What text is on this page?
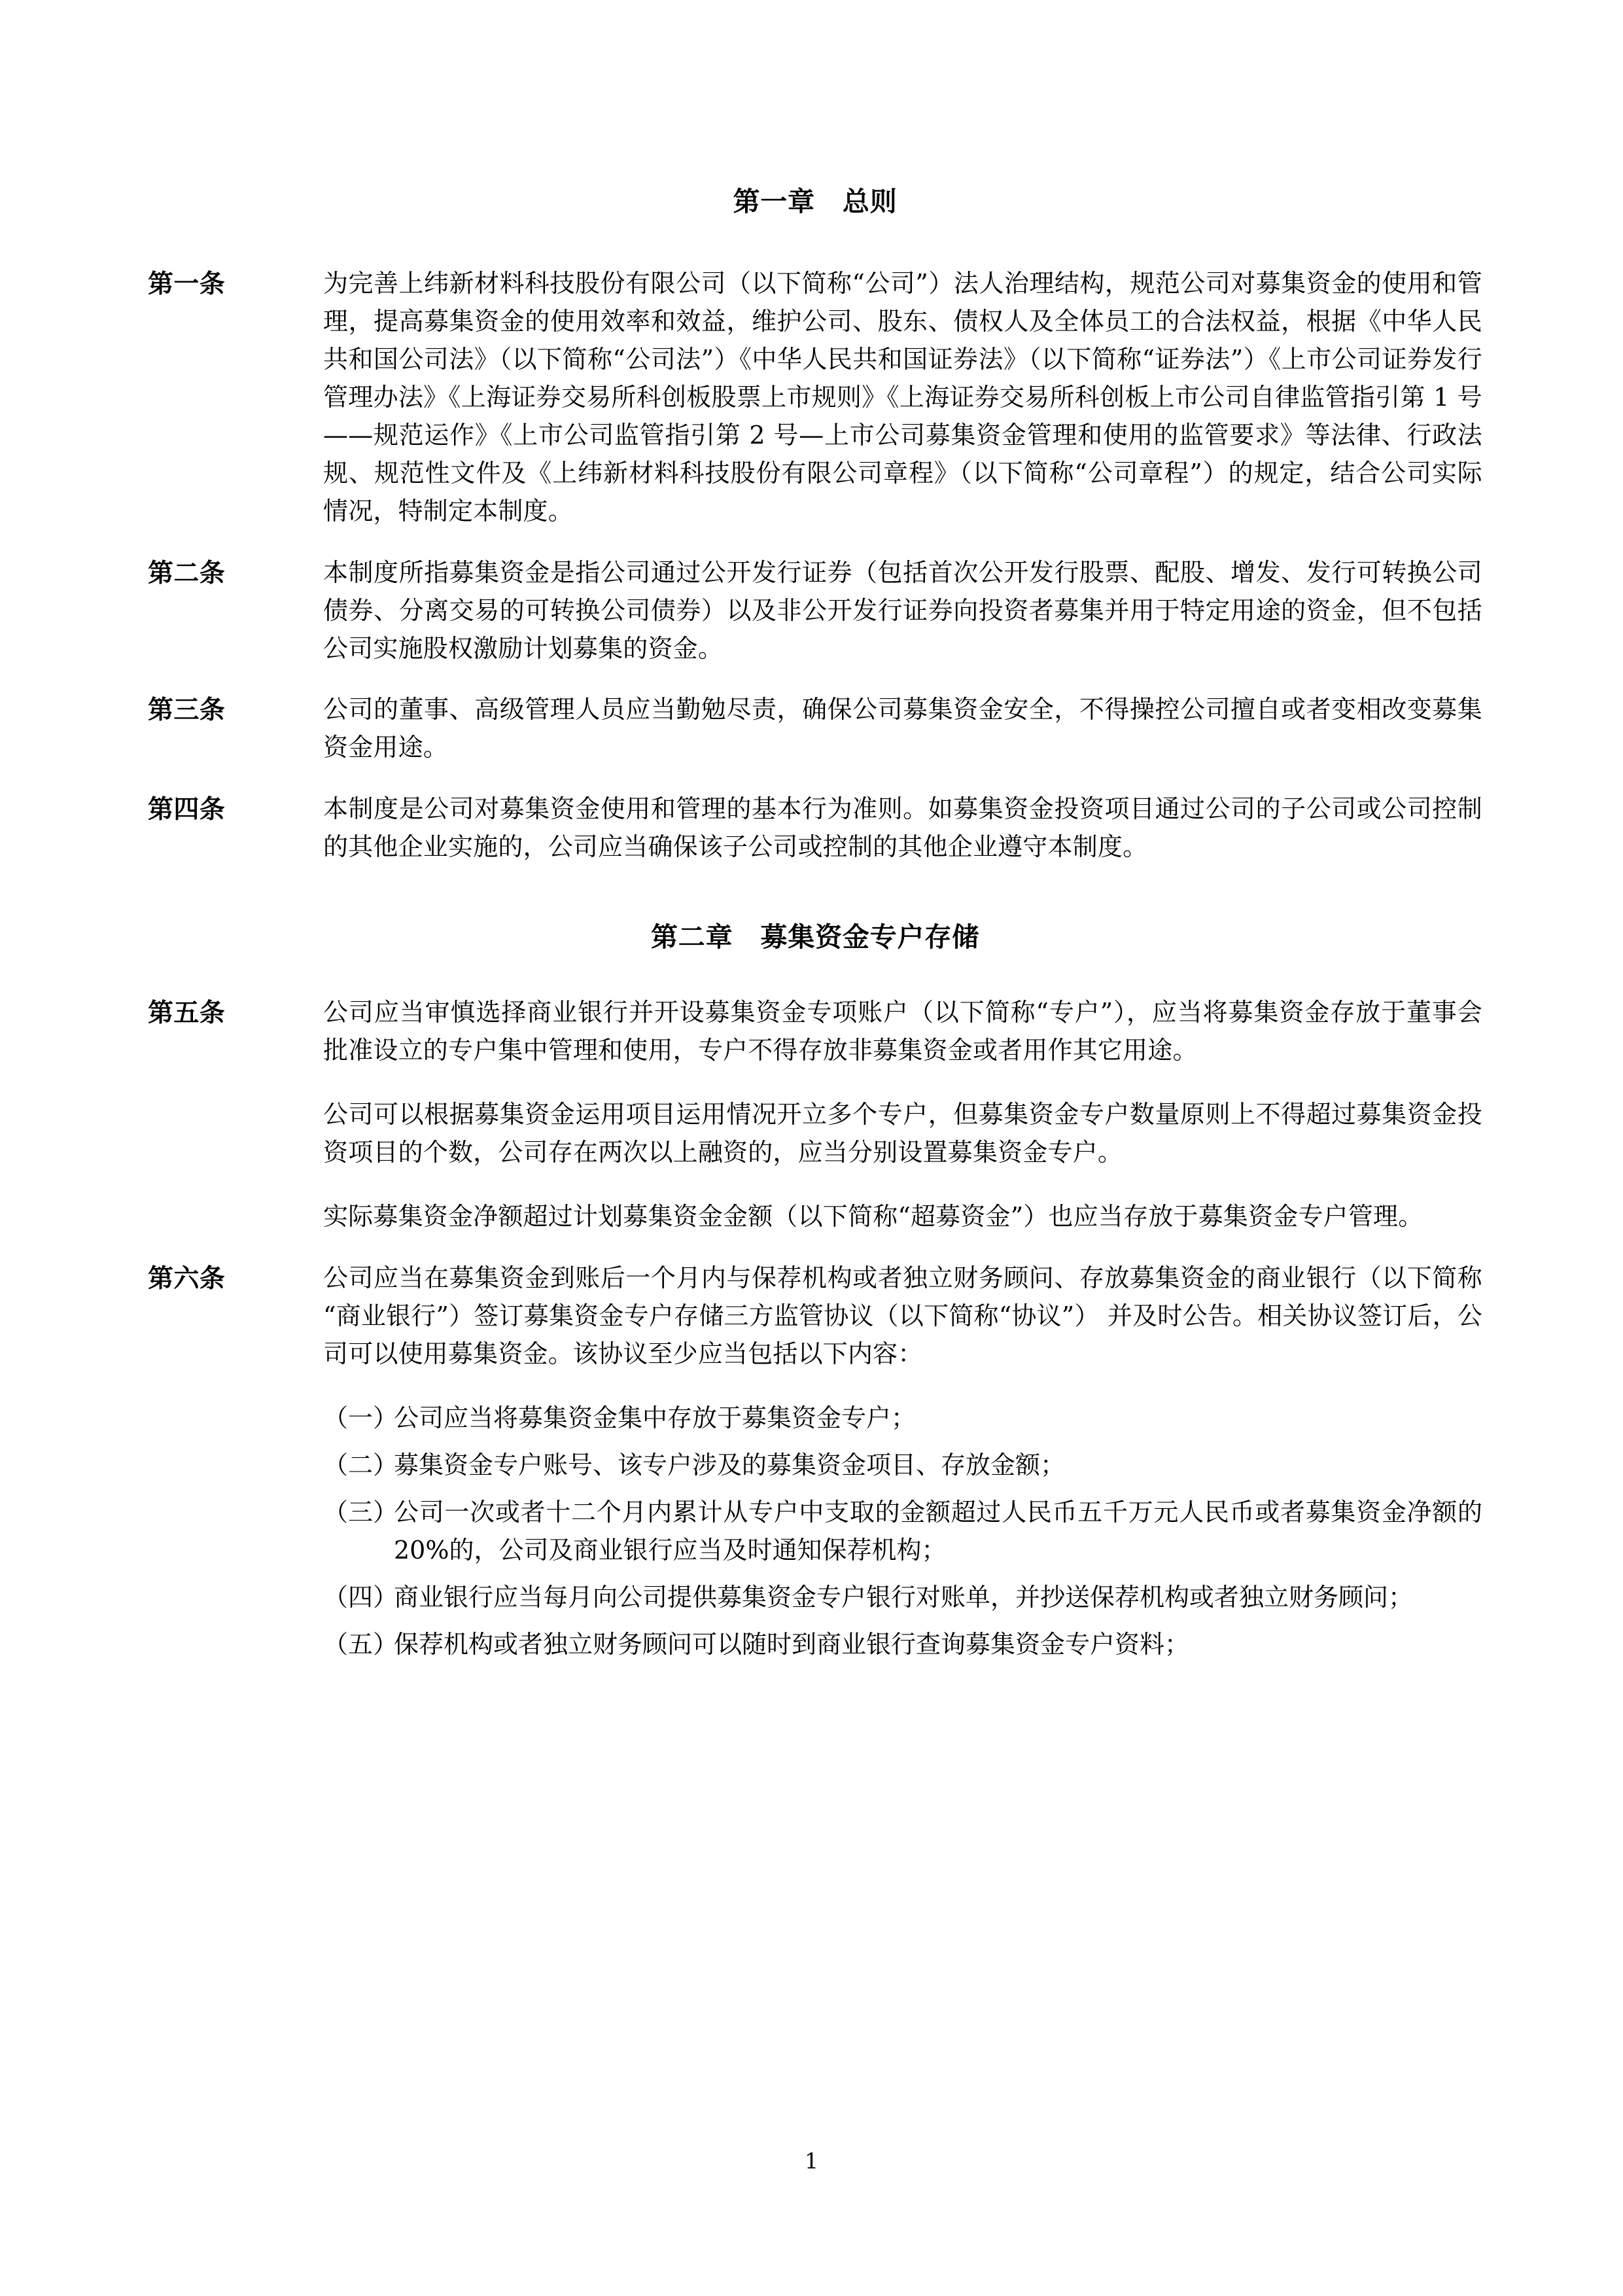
第一章 总则
第一条	为完善上纬新材料科技股份有限公司（以下简称“公司”）法人治理结构，规范公司对募集资金的使用和管理，提高募集资金的使用效率和效益，维护公司、股东、债权人及全体员工的合法权益，根据《中华人民共和国公司法》（以下简称“公司法”）《中华人民共和国证券法》（以下简称“证券法”）《上市公司证券发行管理办法》《上海证券交易所科创板股票上市规则》《上海证券交易所科创板上市公司自律监管指引第 1 号——规范运作》《上市公司监管指引第 2 号—上市公司募集资金管理和使用的监管要求》等法律、行政法规、规范性文件及《上纬新材料科技股份有限公司章程》（以下简称“公司章程”）的规定，结合公司实际情况，特制定本制度。

第二条	本制度所指募集资金是指公司通过公开发行证券（包括首次公开发行股票、配股、增发、发行可转换公司债券、分离交易的可转换公司债券）以及非公开发行证券向投资者募集并用于特定用途的资金，但不包括公司实施股权激励计划募集的资金。

第三条	公司的董事、高级管理人员应当勤勉尽责，确保公司募集资金安全，不得操控公司擅自或者变相改变募集资金用途。

第四条	本制度是公司对募集资金使用和管理的基本行为准则。如募集资金投资项目通过公司的子公司或公司控制的其他企业实施的，公司应当确保该子公司或控制的其他企业遵守本制度。

第二章 募集资金专户存储
第五条	公司应当审慎选择商业银行并开设募集资金专项账户（以下简称“专户”），应当将募集资金存放于董事会批准设立的专户集中管理和使用，专户不得存放非募集资金或者用作其它用途。

公司可以根据募集资金运用项目运用情况开立多个专户，但募集资金专户数量原则上不得超过募集资金投资项目的个数，公司存在两次以上融资的，应当分别设置募集资金专户。

实际募集资金净额超过计划募集资金金额（以下简称“超募资金”）也应当存放于募集资金专户管理。

第六条	公司应当在募集资金到账后一个月内与保荐机构或者独立财务顾问、存放募集资金的商业银行（以下简称“商业银行”）签订募集资金专户存储三方监管协议（以下简称“协议”） 并及时公告。相关协议签订后，公司可以使用募集资金。该协议至少应当包括以下内容：

（一）
公司应当将募集资金集中存放于募集资金专户；
（二）
募集资金专户账号、该专户涉及的募集资金项目、存放金额；
（三）
公司一次或者十二个月内累计从专户中支取的金额超过人民币五千万元人民币或者募集资金净额的 20%的，公司及商业银行应当及时通知保荐机构；
（四）
商业银行应当每月向公司提供募集资金专户银行对账单，并抄送保荐机构或者独立财务顾问；
（五）
保荐机构或者独立财务顾问可以随时到商业银行查询募集资金专户资料；
1
